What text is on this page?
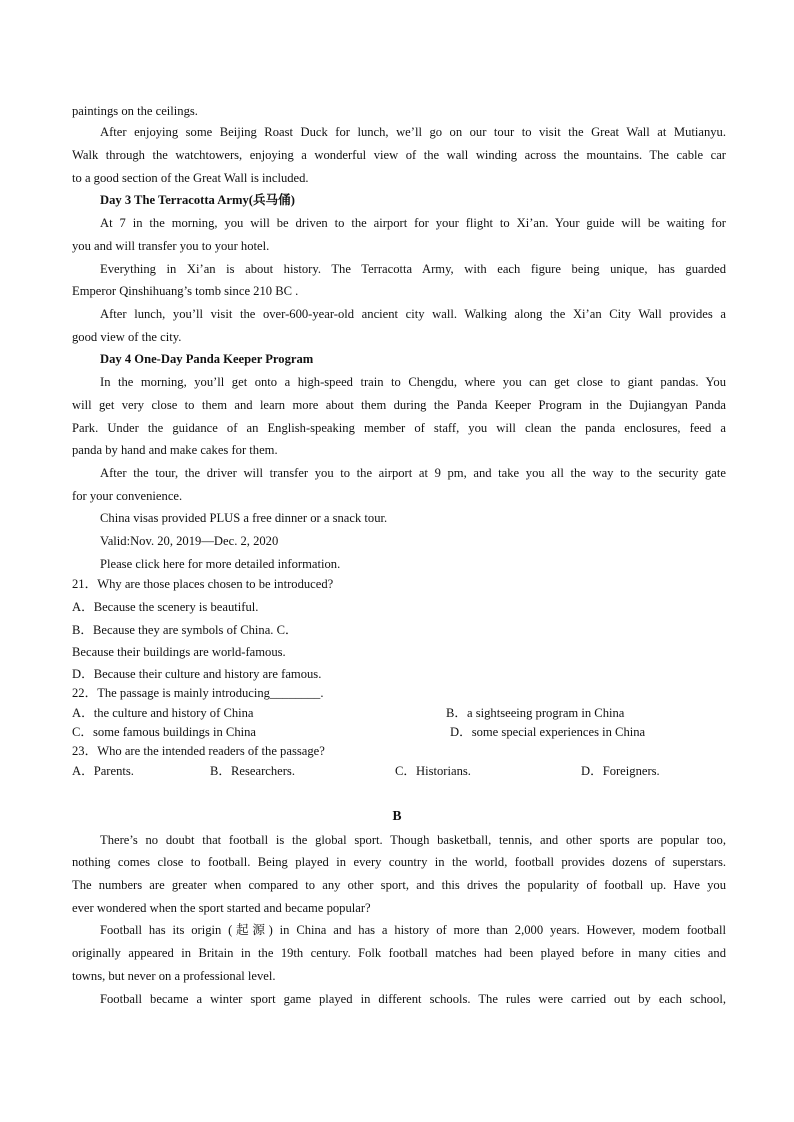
paintings on the ceilings.
After enjoying some Beijing Roast Duck for lunch, we’ll go on our tour to visit the Great Wall at Mutianyu.
Walk through the watchtowers, enjoying a wonderful view of the wall winding across the mountains. The cable car
to a good section of the Great Wall is included.
Day 3 The Terracotta Army(兵马俑)
At 7 in the morning, you will be driven to the airport for your flight to Xi’an. Your guide will be waiting for
you and will transfer you to your hotel.
Everything in Xi’an is about history. The Terracotta Army, with each figure being unique, has guarded
Emperor Qinshihuang’s tomb since 210 BC .
After lunch, you’ll visit the over-600-year-old ancient city wall. Walking along the Xi’an City Wall provides a
good view of the city.
Day 4 One-Day Panda Keeper Program
In the morning, you’ll get onto a high-speed train to Chengdu, where you can get close to giant pandas. You
will get very close to them and learn more about them during the Panda Keeper Program in the Dujiangyan Panda
Park. Under the guidance of an English-speaking member of staff, you will clean the panda enclosures, feed a
panda by hand and make cakes for them.
After the tour, the driver will transfer you to the airport at 9 pm, and take you all the way to the security gate
for your convenience.
China visas provided PLUS a free dinner or a snack tour.
Valid:Nov. 20, 2019—Dec. 2, 2020
Please click here for more detailed information.
21．Why are those places chosen to be introduced?
A．Because the scenery is beautiful.
B．Because they are symbols of China. C．
Because their buildings are world-famous.
D．Because their culture and history are famous.
22．The passage is mainly introducing________.
A．the culture and history of China	B．a sightseeing program in China
C．some famous buildings in China	D．some special experiences in China
23．Who are the intended readers of the passage?
A．Parents.	B．Researchers.	C．Historians.	D．Foreigners.
B
There’s no doubt that football is the global sport. Though basketball, tennis, and other sports are popular too,
nothing comes close to football. Being played in every country in the world, football provides dozens of superstars.
The numbers are greater when compared to any other sport, and this drives the popularity of football up. Have you
ever wondered when the sport started and became popular?
Football has its origin (起源) in China and has a history of more than 2,000 years. However, modem football
originally appeared in Britain in the 19th century. Folk football matches had been played before in many cities and
towns, but never on a professional level.
Football became a winter sport game played in different schools. The rules were carried out by each school,
